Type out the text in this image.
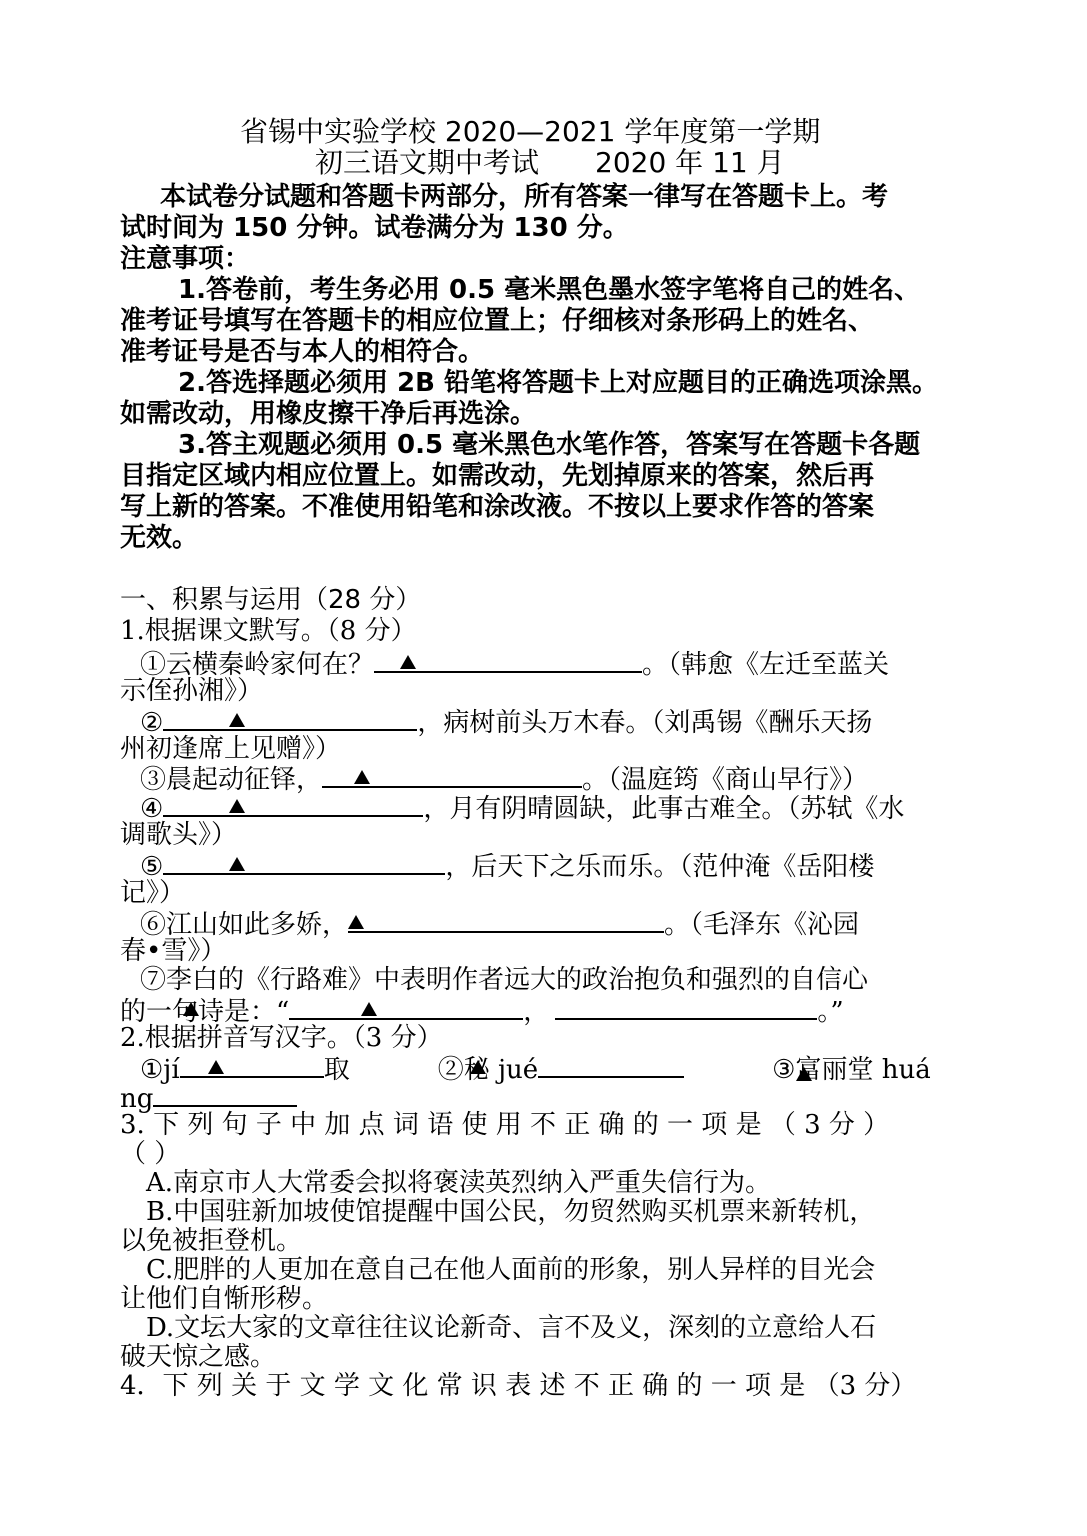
省锡中实验学校 2020—2021 学年度第一学期
初三语文期中考试 2020 年 11 月
本试卷分试题和答题卡两部分，所有答案一律写在答题卡上。考
试时间为 150 分钟。试卷满分为 130 分。
注意事项：
1.答卷前，考生务必用 0.5 毫米黑色墨水签字笔将自己的姓名、
准考证号填写在答题卡的相应位置上；仔细核对条形码上的姓名、
准考证号是否与本人的相符合。
2.答选择题必须用 2B 铅笔将答题卡上对应题目的正确选项涂黑。
如需改动，用橡皮擦干净后再选涂。
3.答主观题必须用 0.5 毫米黑色水笔作答，答案写在答题卡各题
目指定区域内相应位置上。如需改动，先划掉原来的答案，然后再
写上新的答案。不准使用铅笔和涂改液。不按以上要求作答的答案
无效。
一、积累与运用（28 分）
1.根据课文默写。（8 分）
①云横秦岭家何在？	。（韩愈《左迁至蓝关
示侄孙湘》）
②	，病树前头万木春。（刘禹锡《酬乐天扬
州初逢席上见赠》）
③晨起动征铎，	。（温庭筠《商山早行》）
④	，月有阴晴圆缺，此事古难全。（苏轼《水
调歌头》）
⑤	，后天下之乐而乐。（范仲淹《岳阳楼
记》）
⑥江山如此多娇，	。（毛泽东《沁园
春•雪》）
⑦李白的《行路难》中表明作者远大的政治抱负和强烈的自信心
的一句诗是：“	，	。”
2.根据拼音写汉字。（3 分）
①jí	取	②秘 jué	③富丽堂 huá
ng
3. 下 列 句 子 中 加 点 词 语 使 用 不 正 确 的 一 项 是 （ 3 分 ）
（ ）
A.南京市人大常委会拟将褒渎英烈纳入严重失信行为。
B.中国驻新加坡使馆提醒中国公民，勿贸然购买机票来新转机，
以免被拒登机。
C.肥胖的人更加在意自己在他人面前的形象，别人异样的目光会
让他们自惭形秽。
D.文坛大家的文章往往议论新奇、言不及义，深刻的立意给人石
破天惊之感。
4．下 列 关 于 文 学 文 化 常 识 表 述 不 正 确 的 一 项 是 （3 分）
